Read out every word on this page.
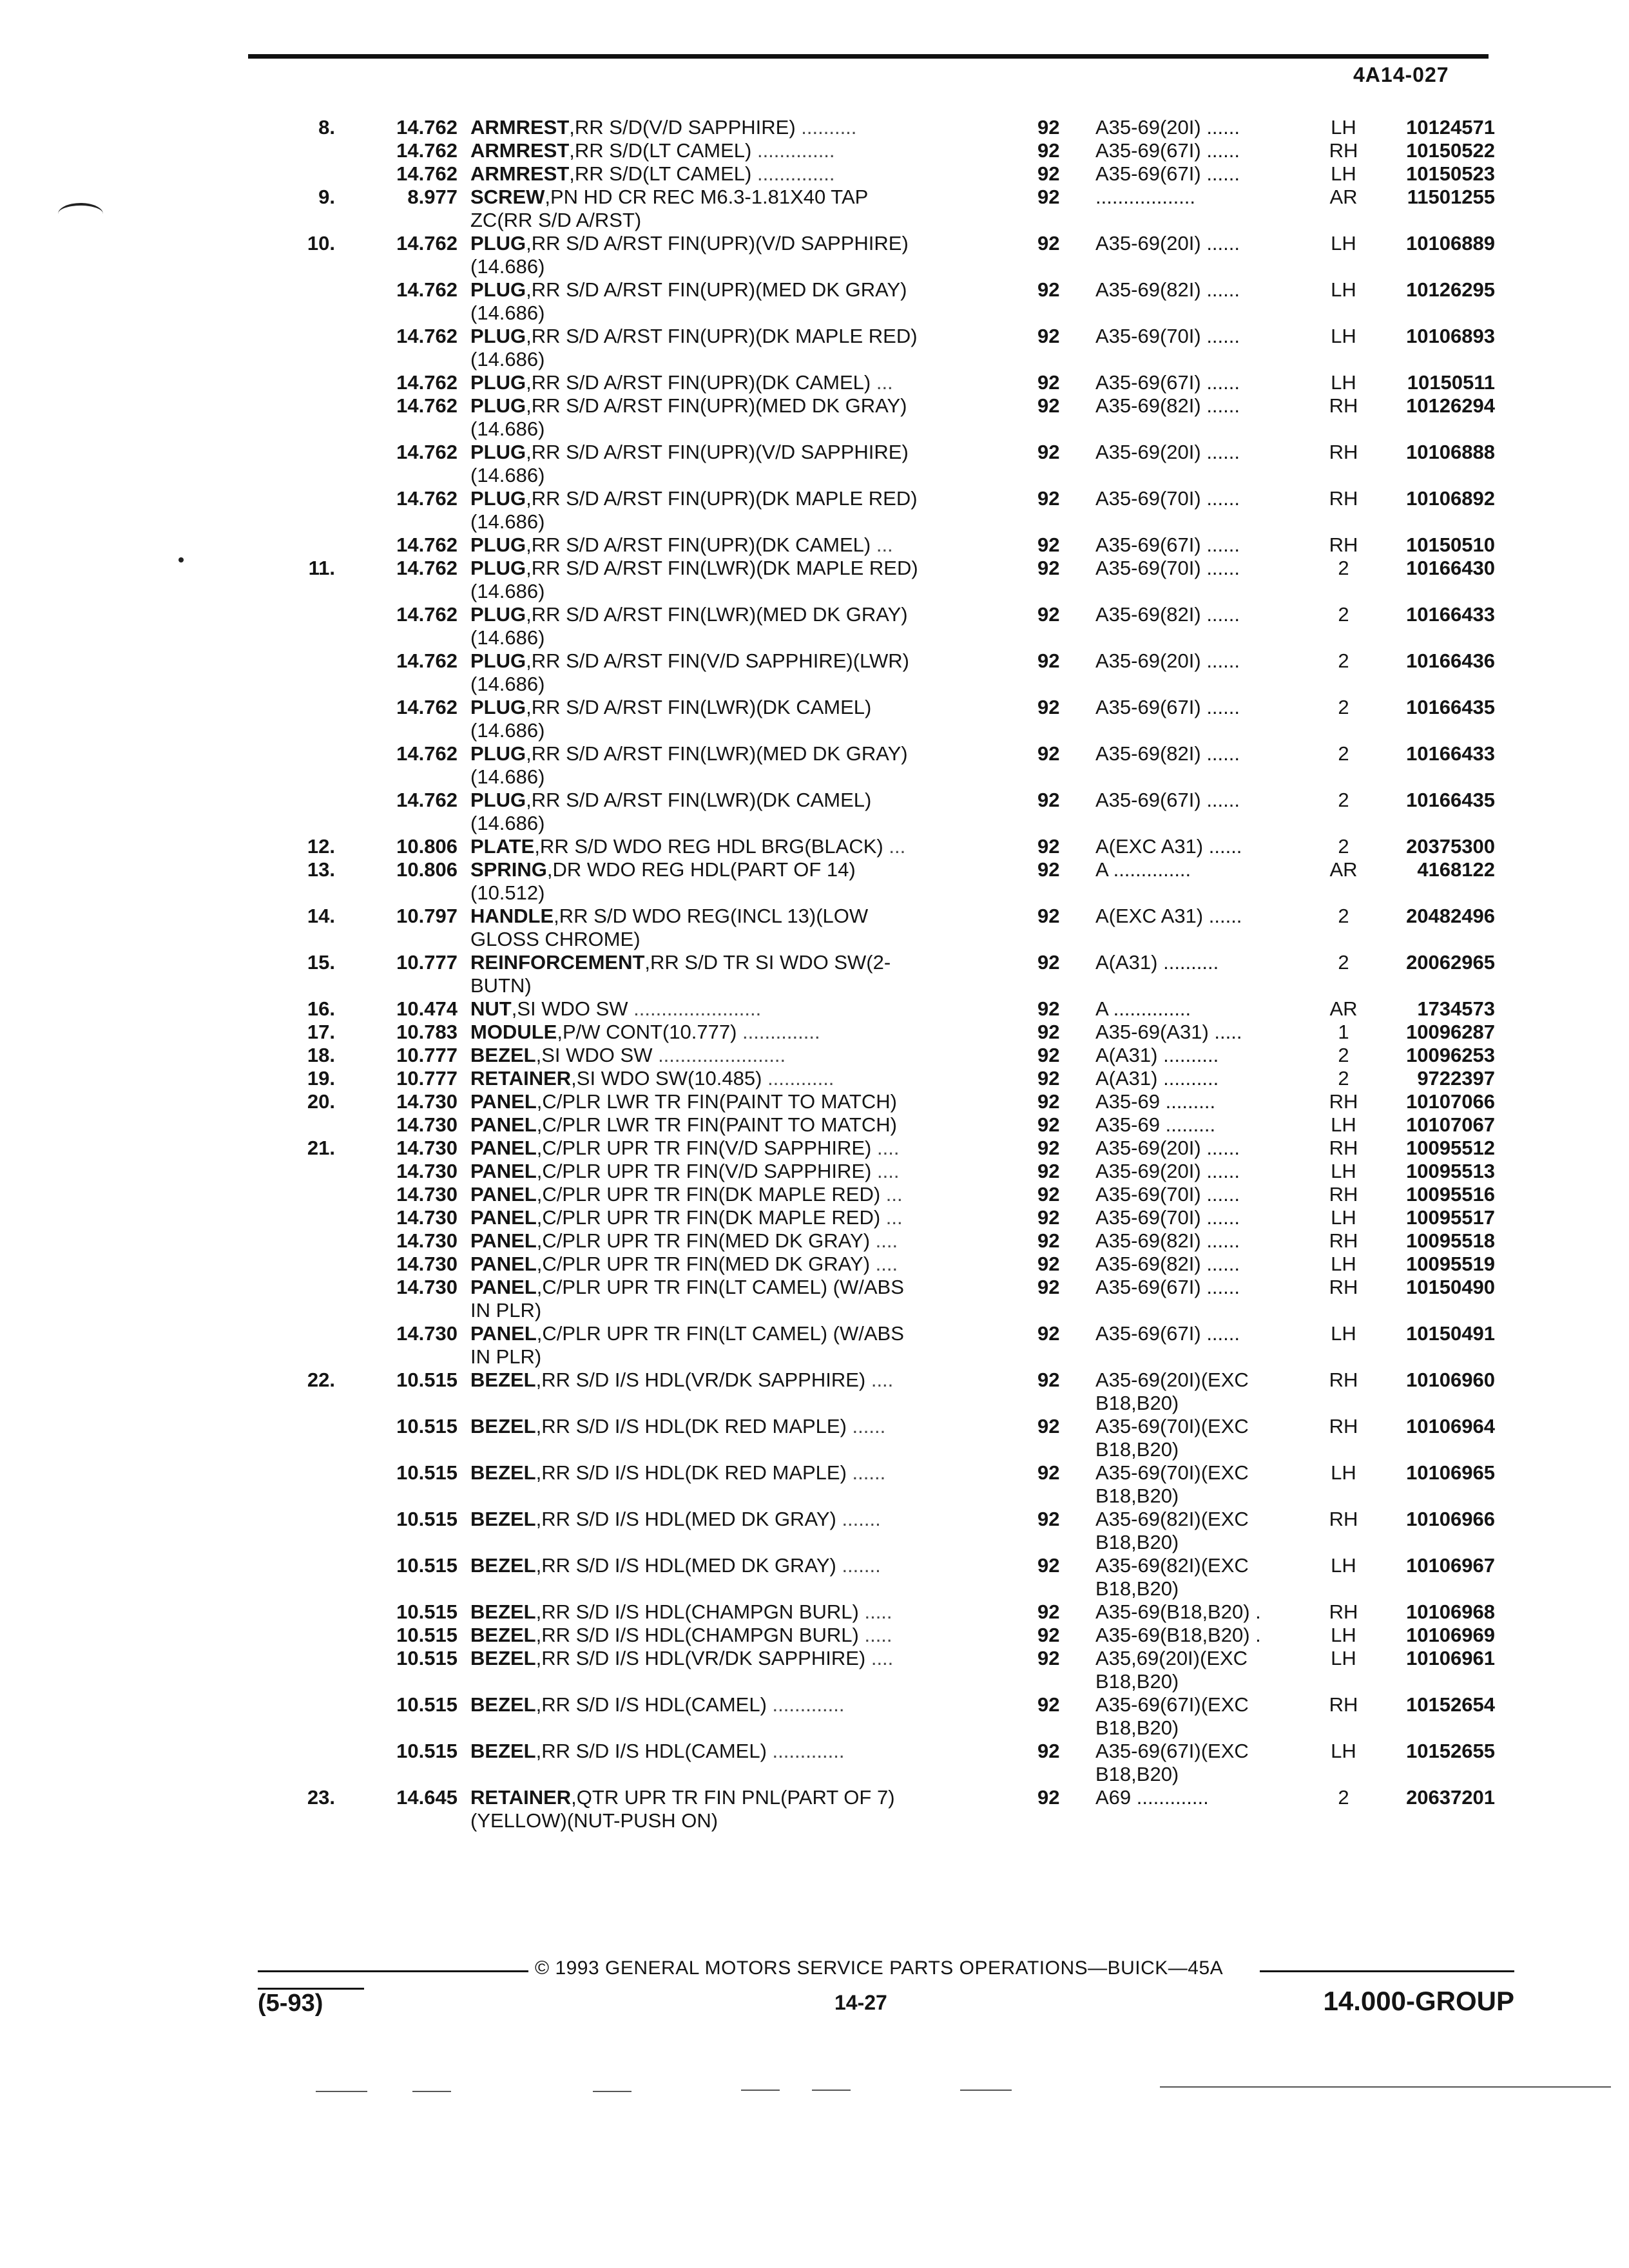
4A14-027
8.	14.762 ARMREST,RR S/D(V/D SAPPHIRE) ..........	92	A35-69(20I) ......	LH	10124571
14.762 ARMREST,RR S/D(LT CAMEL) ..............	92	A35-69(67I) ......	RH	10150522
14.762 ARMREST,RR S/D(LT CAMEL) ..............	92	A35-69(67I) ......	LH	10150523
9.	8.977 SCREW,PN HD CR REC M6.3-1.81X40 TAP	92	..................	AR	11501255
ZC(RR S/D A/RST)
10.	14.762 PLUG,RR S/D A/RST FIN(UPR)(V/D SAPPHIRE)	92	A35-69(20I) ......	LH	10106889
(14.686)
14.762 PLUG,RR S/D A/RST FIN(UPR)(MED DK GRAY)	92	A35-69(82I) ......	LH	10126295
(14.686)
14.762 PLUG,RR S/D A/RST FIN(UPR)(DK MAPLE RED)	92	A35-69(70I) ......	LH	10106893
(14.686)
14.762 PLUG,RR S/D A/RST FIN(UPR)(DK CAMEL) ...	92	A35-69(67I) ......	LH	10150511
14.762 PLUG,RR S/D A/RST FIN(UPR)(MED DK GRAY)	92	A35-69(82I) ......	RH	10126294
(14.686)
14.762 PLUG,RR S/D A/RST FIN(UPR)(V/D SAPPHIRE)	92	A35-69(20I) ......	RH	10106888
(14.686)
14.762 PLUG,RR S/D A/RST FIN(UPR)(DK MAPLE RED)	92	A35-69(70I) ......	RH	10106892
(14.686)
14.762 PLUG,RR S/D A/RST FIN(UPR)(DK CAMEL) ...	92	A35-69(67I) ......	RH	10150510
11.	14.762 PLUG,RR S/D A/RST FIN(LWR)(DK MAPLE RED)	92	A35-69(70I) ......	2	10166430
(14.686)
14.762 PLUG,RR S/D A/RST FIN(LWR)(MED DK GRAY)	92	A35-69(82I) ......	2	10166433
(14.686)
14.762 PLUG,RR S/D A/RST FIN(V/D SAPPHIRE)(LWR)	92	A35-69(20I) ......	2	10166436
(14.686)
14.762 PLUG,RR S/D A/RST FIN(LWR)(DK CAMEL)	92	A35-69(67I) ......	2	10166435
(14.686)
14.762 PLUG,RR S/D A/RST FIN(LWR)(MED DK GRAY)	92	A35-69(82I) ......	2	10166433
(14.686)
14.762 PLUG,RR S/D A/RST FIN(LWR)(DK CAMEL)	92	A35-69(67I) ......	2	10166435
(14.686)
12.	10.806 PLATE,RR S/D WDO REG HDL BRG(BLACK) ...	92	A(EXC A31) ......	2	20375300
13.	10.806 SPRING,DR WDO REG HDL(PART OF 14)	92	A ..............	AR	4168122
(10.512)
14.	10.797 HANDLE,RR S/D WDO REG(INCL 13)(LOW	92	A(EXC A31) ......	2	20482496
GLOSS CHROME)
15.	10.777 REINFORCEMENT,RR S/D TR SI WDO SW(2-	92	A(A31) ..........	2	20062965
BUTN)
16.	10.474 NUT,SI WDO SW .......................	92	A ..............	AR	1734573
17.	10.783 MODULE,P/W CONT(10.777) ..............	92	A35-69(A31) .....	1	10096287
18.	10.777 BEZEL,SI WDO SW .......................	92	A(A31) ..........	2	10096253
19.	10.777 RETAINER,SI WDO SW(10.485) ............	92	A(A31) ..........	2	9722397
20.	14.730 PANEL,C/PLR LWR TR FIN(PAINT TO MATCH)	92	A35-69 .........	RH	10107066
14.730 PANEL,C/PLR LWR TR FIN(PAINT TO MATCH)	92	A35-69 .........	LH	10107067
21.	14.730 PANEL,C/PLR UPR TR FIN(V/D SAPPHIRE) ....	92	A35-69(20I) ......	RH	10095512
14.730 PANEL,C/PLR UPR TR FIN(V/D SAPPHIRE) ....	92	A35-69(20I) ......	LH	10095513
14.730 PANEL,C/PLR UPR TR FIN(DK MAPLE RED) ...	92	A35-69(70I) ......	RH	10095516
14.730 PANEL,C/PLR UPR TR FIN(DK MAPLE RED) ...	92	A35-69(70I) ......	LH	10095517
14.730 PANEL,C/PLR UPR TR FIN(MED DK GRAY) ....	92	A35-69(82I) ......	RH	10095518
14.730 PANEL,C/PLR UPR TR FIN(MED DK GRAY) ....	92	A35-69(82I) ......	LH	10095519
14.730 PANEL,C/PLR UPR TR FIN(LT CAMEL) (W/ABS	92	A35-69(67I) ......	RH	10150490
IN PLR)
14.730 PANEL,C/PLR UPR TR FIN(LT CAMEL) (W/ABS	92	A35-69(67I) ......	LH	10150491
IN PLR)
22.	10.515 BEZEL,RR S/D I/S HDL(VR/DK SAPPHIRE) ....	92	A35-69(20I)(EXC	RH	10106960
B18,B20)
10.515 BEZEL,RR S/D I/S HDL(DK RED MAPLE) ......	92	A35-69(70I)(EXC	RH	10106964
B18,B20)
10.515 BEZEL,RR S/D I/S HDL(DK RED MAPLE) ......	92	A35-69(70I)(EXC	LH	10106965
B18,B20)
10.515 BEZEL,RR S/D I/S HDL(MED DK GRAY) .......	92	A35-69(82I)(EXC	RH	10106966
B18,B20)
10.515 BEZEL,RR S/D I/S HDL(MED DK GRAY) .......	92	A35-69(82I)(EXC	LH	10106967
B18,B20)
10.515 BEZEL,RR S/D I/S HDL(CHAMPGN BURL) .....	92	A35-69(B18,B20) .	RH	10106968
10.515 BEZEL,RR S/D I/S HDL(CHAMPGN BURL) .....	92	A35-69(B18,B20) .	LH	10106969
10.515 BEZEL,RR S/D I/S HDL(VR/DK SAPPHIRE) ....	92	A35,69(20I)(EXC	LH	10106961
B18,B20)
10.515 BEZEL,RR S/D I/S HDL(CAMEL) .............	92	A35-69(67I)(EXC	RH	10152654
B18,B20)
10.515 BEZEL,RR S/D I/S HDL(CAMEL) .............	92	A35-69(67I)(EXC	LH	10152655
B18,B20)
23.	14.645 RETAINER,QTR UPR TR FIN PNL(PART OF 7)	92	A69 .............	2	20637201
(YELLOW)(NUT-PUSH ON)
© 1993 GENERAL MOTORS SERVICE PARTS OPERATIONS—BUICK—45A
(5-93)	14-27	14.000-GROUP
